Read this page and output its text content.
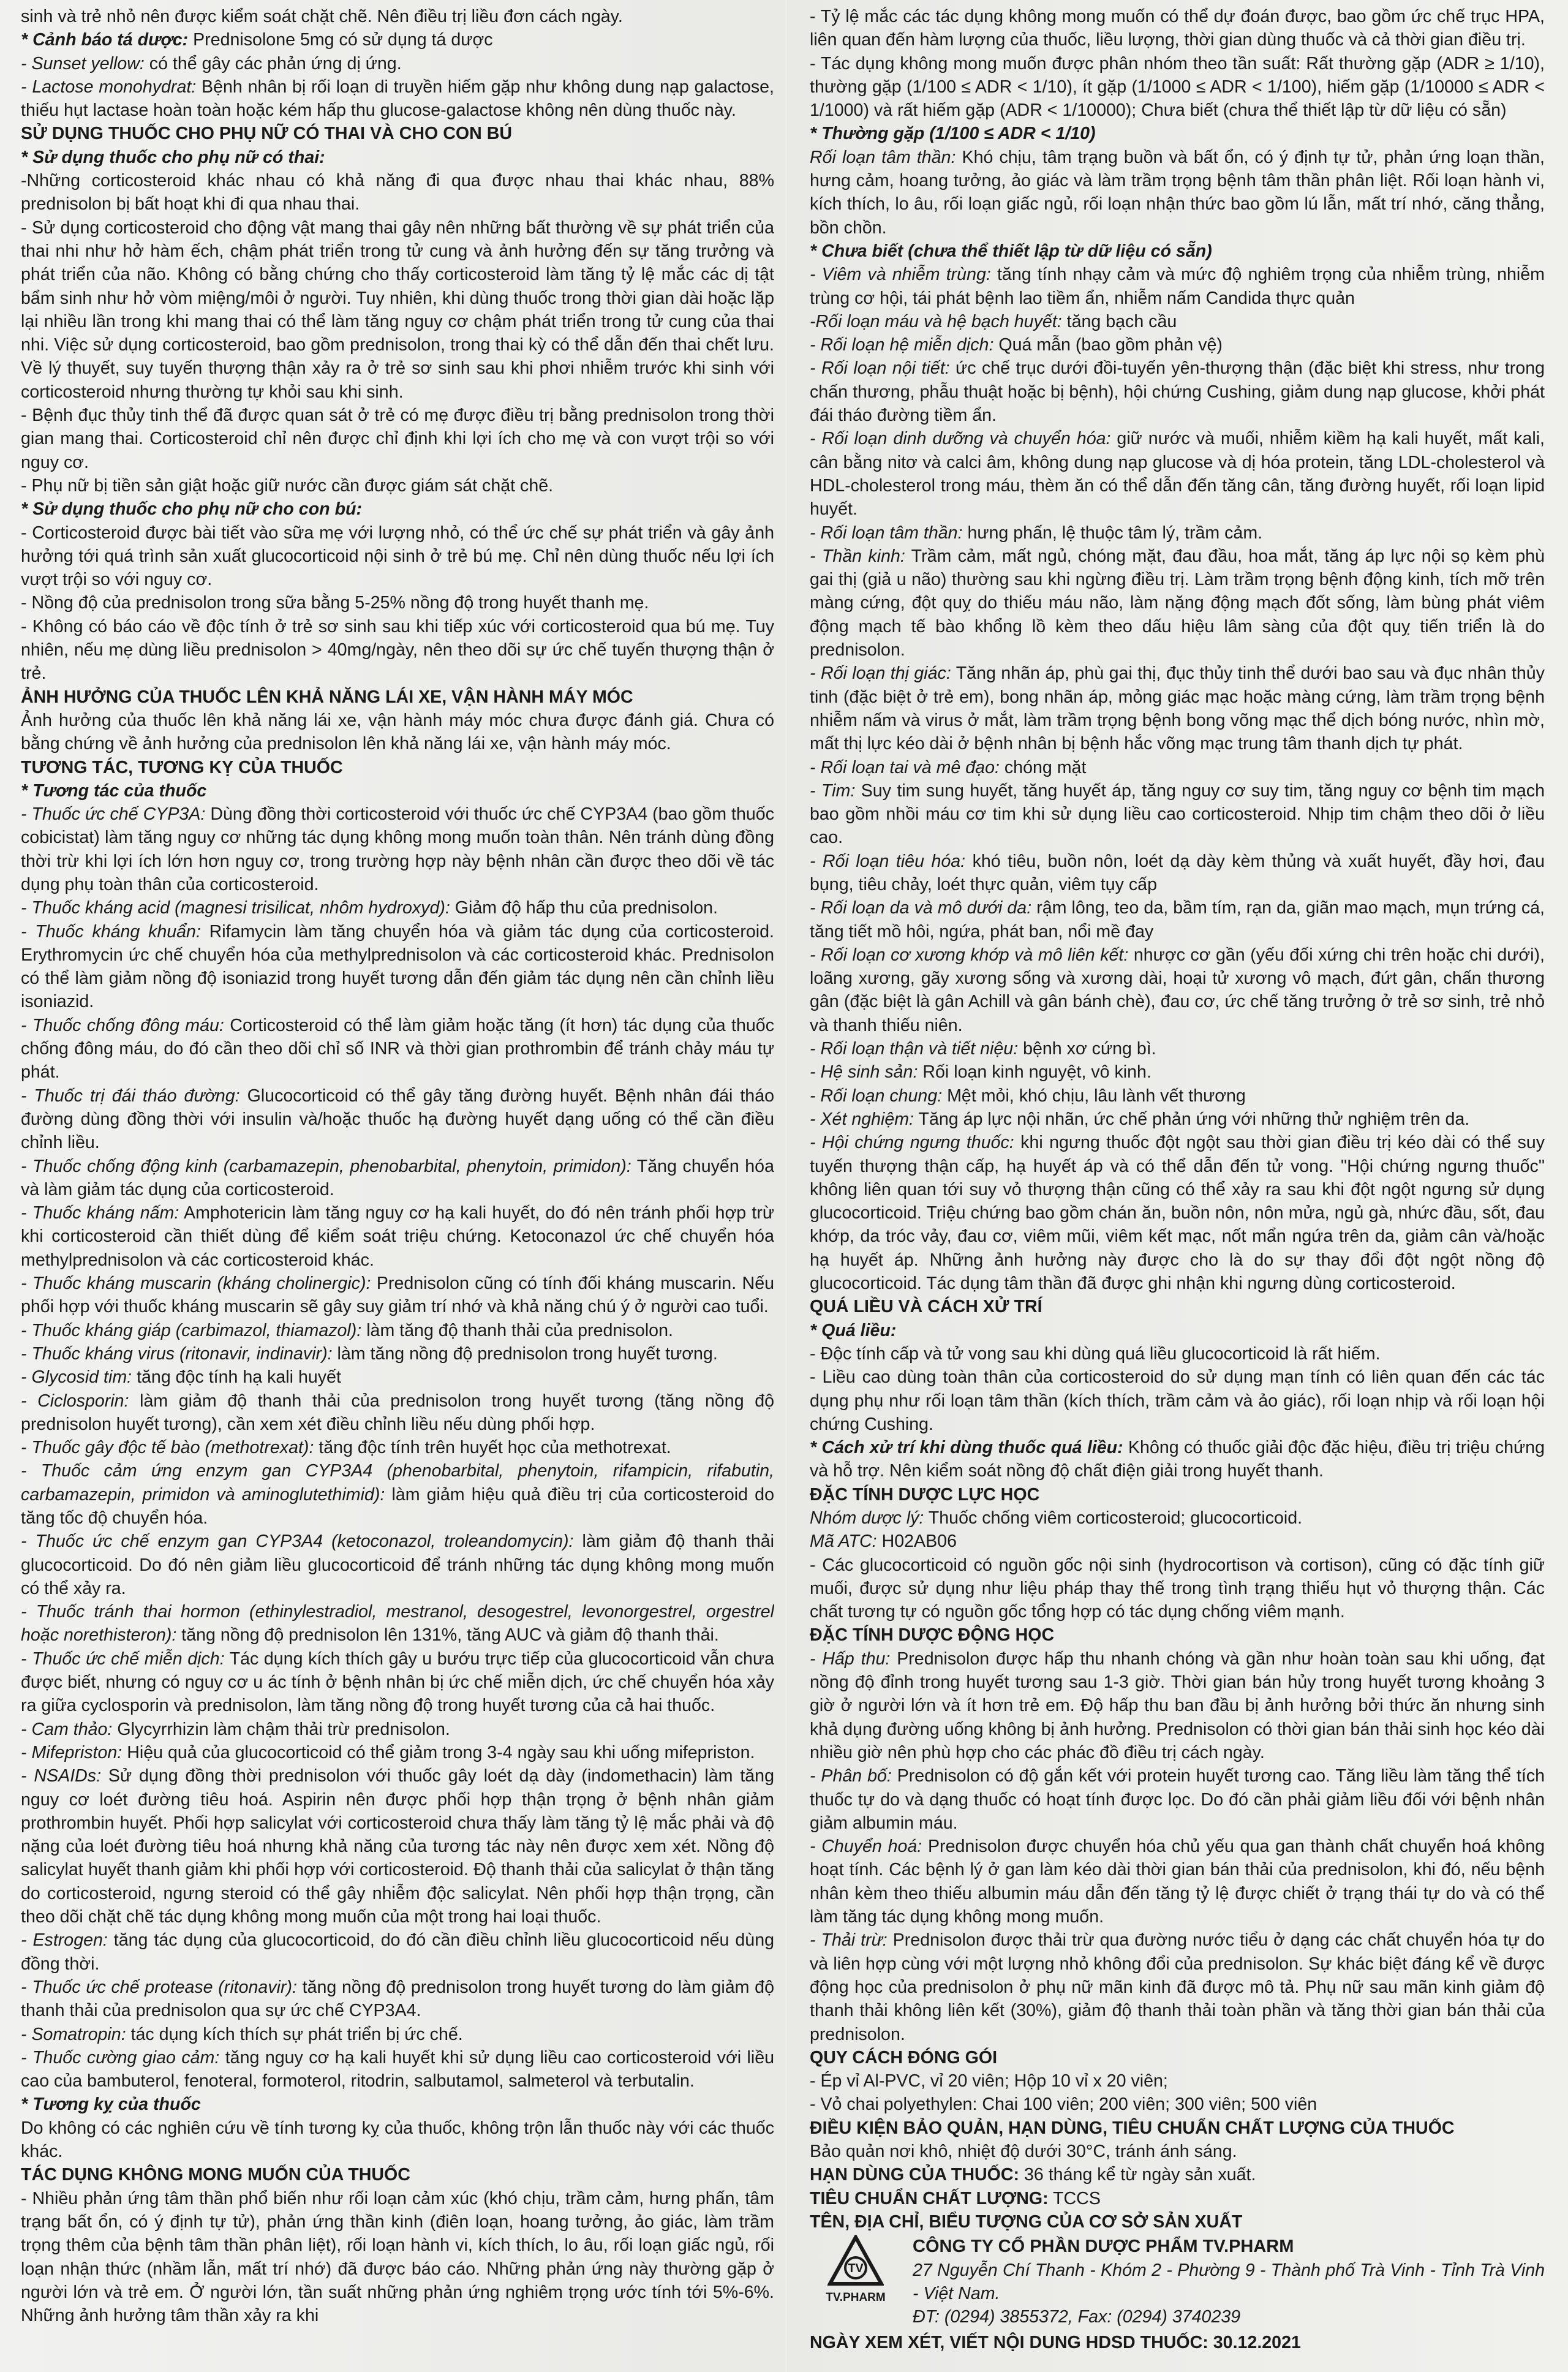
sinh và trẻ nhỏ nên được kiểm soát chặt chẽ. Nên điều trị liều đơn cách ngày.

* Cảnh báo tá dược: Prednisolone 5mg có sử dụng tá dược

- Sunset yellow: có thể gây các phản ứng dị ứng.

- Lactose monohydrat: Bệnh nhân bị rối loạn di truyền hiếm gặp như không dung nạp galactose, thiếu hụt lactase hoàn toàn hoặc kém hấp thu glucose-galactose không nên dùng thuốc này.

SỬ DỤNG THUỐC CHO PHỤ NỮ CÓ THAI VÀ CHO CON BÚ

* Sử dụng thuốc cho phụ nữ có thai:

-Những corticosteroid khác nhau có khả năng đi qua được nhau thai khác nhau, 88% prednisolon bị bất hoạt khi đi qua nhau thai.

- Sử dụng corticosteroid cho động vật mang thai gây nên những bất thường về sự phát triển của thai nhi như hở hàm ếch, chậm phát triển trong tử cung và ảnh hưởng đến sự tăng trưởng và phát triển của não. Không có bằng chứng cho thấy corticosteroid làm tăng tỷ lệ mắc các dị tật bẩm sinh như hở vòm miệng/môi ở người. Tuy nhiên, khi dùng thuốc trong thời gian dài hoặc lặp lại nhiều lần trong khi mang thai có thể làm tăng nguy cơ chậm phát triển trong tử cung của thai nhi. Việc sử dụng corticosteroid, bao gồm prednisolon, trong thai kỳ có thể dẫn đến thai chết lưu. Về lý thuyết, suy tuyến thượng thận xảy ra ở trẻ sơ sinh sau khi phơi nhiễm trước khi sinh với corticosteroid nhưng thường tự khỏi sau khi sinh.

- Bệnh đục thủy tinh thể đã được quan sát ở trẻ có mẹ được điều trị bằng prednisolon trong thời gian mang thai. Corticosteroid chỉ nên được chỉ định khi lợi ích cho mẹ và con vượt trội so với nguy cơ.

- Phụ nữ bị tiền sản giật hoặc giữ nước cần được giám sát chặt chẽ.

* Sử dụng thuốc cho phụ nữ cho con bú:

- Corticosteroid được bài tiết vào sữa mẹ với lượng nhỏ, có thể ức chế sự phát triển và gây ảnh hưởng tới quá trình sản xuất glucocorticoid nội sinh ở trẻ bú mẹ. Chỉ nên dùng thuốc nếu lợi ích vượt trội so với nguy cơ.

- Nồng độ của prednisolon trong sữa bằng 5-25% nồng độ trong huyết thanh mẹ.

- Không có báo cáo về độc tính ở trẻ sơ sinh sau khi tiếp xúc với corticosteroid qua bú mẹ. Tuy nhiên, nếu mẹ dùng liều prednisolon > 40mg/ngày, nên theo dõi sự ức chế tuyến thượng thận ở trẻ.

ẢNH HƯỞNG CỦA THUỐC LÊN KHẢ NĂNG LÁI XE, VẬN HÀNH MÁY MÓC

Ảnh hưởng của thuốc lên khả năng lái xe, vận hành máy móc chưa được đánh giá. Chưa có bằng chứng về ảnh hưởng của prednisolon lên khả năng lái xe, vận hành máy móc.

TƯƠNG TÁC, TƯƠNG KỴ CỦA THUỐC

* Tương tác của thuốc

- Thuốc ức chế CYP3A: Dùng đồng thời corticosteroid với thuốc ức chế CYP3A4 (bao gồm thuốc cobicistat) làm tăng nguy cơ những tác dụng không mong muốn toàn thân. Nên tránh dùng đồng thời trừ khi lợi ích lớn hơn nguy cơ, trong trường hợp này bệnh nhân cần được theo dõi về tác dụng phụ toàn thân của corticosteroid.

- Thuốc kháng acid (magnesi trisilicat, nhôm hydroxyd): Giảm độ hấp thu của prednisolon.

- Thuốc kháng khuẩn: Rifamycin làm tăng chuyển hóa và giảm tác dụng của corticosteroid. Erythromycin ức chế chuyển hóa của methylprednisolon và các corticosteroid khác. Prednisolon có thể làm giảm nồng độ isoniazid trong huyết tương dẫn đến giảm tác dụng nên cần chỉnh liều isoniazid.

- Thuốc chống đông máu: Corticosteroid có thể làm giảm hoặc tăng (ít hơn) tác dụng của thuốc chống đông máu, do đó cần theo dõi chỉ số INR và thời gian prothrombin để tránh chảy máu tự phát.

- Thuốc trị đái tháo đường: Glucocorticoid có thể gây tăng đường huyết. Bệnh nhân đái tháo đường dùng đồng thời với insulin và/hoặc thuốc hạ đường huyết dạng uống có thể cần điều chỉnh liều.

- Thuốc chống động kinh (carbamazepin, phenobarbital, phenytoin, primidon): Tăng chuyển hóa và làm giảm tác dụng của corticosteroid.

- Thuốc kháng nấm: Amphotericin làm tăng nguy cơ hạ kali huyết, do đó nên tránh phối hợp trừ khi corticosteroid cần thiết dùng để kiểm soát triệu chứng. Ketoconazol ức chế chuyển hóa methylprednisolon và các corticosteroid khác.

- Thuốc kháng muscarin (kháng cholinergic): Prednisolon cũng có tính đối kháng muscarin. Nếu phối hợp với thuốc kháng muscarin sẽ gây suy giảm trí nhớ và khả năng chú ý ở người cao tuổi.

- Thuốc kháng giáp (carbimazol, thiamazol): làm tăng độ thanh thải của prednisolon.

- Thuốc kháng virus (ritonavir, indinavir): làm tăng nồng độ prednisolon trong huyết tương.

- Glycosid tim: tăng độc tính hạ kali huyết

- Ciclosporin: làm giảm độ thanh thải của prednisolon trong huyết tương (tăng nồng độ prednisolon huyết tương), cần xem xét điều chỉnh liều nếu dùng phối hợp.

- Thuốc gây độc tế bào (methotrexat): tăng độc tính trên huyết học của methotrexat.

- Thuốc cảm ứng enzym gan CYP3A4 (phenobarbital, phenytoin, rifampicin, rifabutin, carbamazepin, primidon và aminoglutethimid): làm giảm hiệu quả điều trị của corticosteroid do tăng tốc độ chuyển hóa.

- Thuốc ức chế enzym gan CYP3A4 (ketoconazol, troleandomycin): làm giảm độ thanh thải glucocorticoid. Do đó nên giảm liều glucocorticoid để tránh những tác dụng không mong muốn có thể xảy ra.

- Thuốc tránh thai hormon (ethinylestradiol, mestranol, desogestrel, levonorgestrel, orgestrel hoặc norethisteron): tăng nồng độ prednisolon lên 131%, tăng AUC và giảm độ thanh thải.

- Thuốc ức chế miễn dịch: Tác dụng kích thích gây u bướu trực tiếp của glucocorticoid vẫn chưa được biết, nhưng có nguy cơ u ác tính ở bệnh nhân bị ức chế miễn dịch, ức chế chuyển hóa xảy ra giữa cyclosporin và prednisolon, làm tăng nồng độ trong huyết tương của cả hai thuốc.

- Cam thảo: Glycyrrhizin làm chậm thải trừ prednisolon.

- Mifepriston: Hiệu quả của glucocorticoid có thể giảm trong 3-4 ngày sau khi uống mifepriston.

- NSAIDs: Sử dụng đồng thời prednisolon với thuốc gây loét dạ dày (indomethacin) làm tăng nguy cơ loét đường tiêu hoá. Aspirin nên được phối hợp thận trọng ở bệnh nhân giảm prothrombin huyết. Phối hợp salicylat với corticosteroid chưa thấy làm tăng tỷ lệ mắc phải và độ nặng của loét đường tiêu hoá nhưng khả năng của tương tác này nên được xem xét. Nồng độ salicylat huyết thanh giảm khi phối hợp với corticosteroid. Độ thanh thải của salicylat ở thận tăng do corticosteroid, ngưng steroid có thể gây nhiễm độc salicylat. Nên phối hợp thận trọng, cần theo dõi chặt chẽ tác dụng không mong muốn của một trong hai loại thuốc.

- Estrogen: tăng tác dụng của glucocorticoid, do đó cần điều chỉnh liều glucocorticoid nếu dùng đồng thời.

- Thuốc ức chế protease (ritonavir): tăng nồng độ prednisolon trong huyết tương do làm giảm độ thanh thải của prednisolon qua sự ức chế CYP3A4.

- Somatropin: tác dụng kích thích sự phát triển bị ức chế.

- Thuốc cường giao cảm: tăng nguy cơ hạ kali huyết khi sử dụng liều cao corticosteroid với liều cao của bambuterol, fenoteral, formoterol, ritodrin, salbutamol, salmeterol và terbutalin.

* Tương kỵ của thuốc

Do không có các nghiên cứu về tính tương kỵ của thuốc, không trộn lẫn thuốc này với các thuốc khác.

TÁC DỤNG KHÔNG MONG MUỐN CỦA THUỐC

- Nhiều phản ứng tâm thần phổ biến như rối loạn cảm xúc (khó chịu, trầm cảm, hưng phấn, tâm trạng bất ổn, có ý định tự tử), phản ứng thần kinh (điên loạn, hoang tưởng, ảo giác, làm trầm trọng thêm của bệnh tâm thần phân liệt), rối loạn hành vi, kích thích, lo âu, rối loạn giấc ngủ, rối loạn nhận thức (nhầm lẫn, mất trí nhớ) đã được báo cáo. Những phản ứng này thường gặp ở người lớn và trẻ em. Ở người lớn, tần suất những phản ứng nghiêm trọng ước tính tới 5%-6%. Những ảnh hưởng tâm thần xảy ra khi

- Tỷ lệ mắc các tác dụng không mong muốn có thể dự đoán được, bao gồm ức chế trục HPA, liên quan đến hàm lượng của thuốc, liều lượng, thời gian dùng thuốc và cả thời gian điều trị.

- Tác dụng không mong muốn được phân nhóm theo tần suất: Rất thường gặp (ADR ≥ 1/10), thường gặp (1/100 ≤ ADR < 1/10), ít gặp (1/1000 ≤ ADR < 1/100), hiếm gặp (1/10000 ≤ ADR < 1/1000) và rất hiếm gặp (ADR < 1/10000); Chưa biết (chưa thể thiết lập từ dữ liệu có sẵn)

* Thường gặp (1/100 ≤ ADR < 1/10)

Rối loạn tâm thần: Khó chịu, tâm trạng buồn và bất ổn, có ý định tự tử, phản ứng loạn thần, hưng cảm, hoang tưởng, ảo giác và làm trầm trọng bệnh tâm thần phân liệt. Rối loạn hành vi, kích thích, lo âu, rối loạn giấc ngủ, rối loạn nhận thức bao gồm lú lẫn, mất trí nhớ, căng thẳng, bồn chồn.

* Chưa biết (chưa thể thiết lập từ dữ liệu có sẵn)

- Viêm và nhiễm trùng: tăng tính nhạy cảm và mức độ nghiêm trọng của nhiễm trùng, nhiễm trùng cơ hội, tái phát bệnh lao tiềm ẩn, nhiễm nấm Candida thực quản

-Rối loạn máu và hệ bạch huyết: tăng bạch cầu

- Rối loạn hệ miễn dịch: Quá mẫn (bao gồm phản vệ)

- Rối loạn nội tiết: ức chế trục dưới đồi-tuyến yên-thượng thận (đặc biệt khi stress, như trong chấn thương, phẫu thuật hoặc bị bệnh), hội chứng Cushing, giảm dung nạp glucose, khởi phát đái tháo đường tiềm ẩn.

- Rối loạn dinh dưỡng và chuyển hóa: giữ nước và muối, nhiễm kiềm hạ kali huyết, mất kali, cân bằng nitơ và calci âm, không dung nạp glucose và dị hóa protein, tăng LDL-cholesterol và HDL-cholesterol trong máu, thèm ăn có thể dẫn đến tăng cân, tăng đường huyết, rối loạn lipid huyết.

- Rối loạn tâm thần: hưng phấn, lệ thuộc tâm lý, trầm cảm.

- Thần kinh: Trầm cảm, mất ngủ, chóng mặt, đau đầu, hoa mắt, tăng áp lực nội sọ kèm phù gai thị (giả u não) thường sau khi ngừng điều trị. Làm trầm trọng bệnh động kinh, tích mỡ trên màng cứng, đột quỵ do thiếu máu não, làm nặng động mạch đốt sống, làm bùng phát viêm động mạch tế bào khổng lồ kèm theo dấu hiệu lâm sàng của đột quỵ tiến triển là do prednisolon.

- Rối loạn thị giác: Tăng nhãn áp, phù gai thị, đục thủy tinh thể dưới bao sau và đục nhân thủy tinh (đặc biệt ở trẻ em), bong nhãn áp, mỏng giác mạc hoặc màng cứng, làm trầm trọng bệnh nhiễm nấm và virus ở mắt, làm trầm trọng bệnh bong võng mạc thể dịch bóng nước, nhìn mờ, mất thị lực kéo dài ở bệnh nhân bị bệnh hắc võng mạc trung tâm thanh dịch tự phát.

- Rối loạn tai và mê đạo: chóng mặt

- Tim: Suy tim sung huyết, tăng huyết áp, tăng nguy cơ suy tim, tăng nguy cơ bệnh tim mạch bao gồm nhồi máu cơ tim khi sử dụng liều cao corticosteroid. Nhịp tim chậm theo dõi ở liều cao.

- Rối loạn tiêu hóa: khó tiêu, buồn nôn, loét dạ dày kèm thủng và xuất huyết, đầy hơi, đau bụng, tiêu chảy, loét thực quản, viêm tụy cấp

- Rối loạn da và mô dưới da: rậm lông, teo da, bầm tím, rạn da, giãn mao mạch, mụn trứng cá, tăng tiết mồ hôi, ngứa, phát ban, nổi mề đay

- Rối loạn cơ xương khớp và mô liên kết: nhược cơ gần (yếu đối xứng chi trên hoặc chi dưới), loãng xương, gãy xương sống và xương dài, hoại tử xương vô mạch, đứt gân, chấn thương gân (đặc biệt là gân Achill và gân bánh chè), đau cơ, ức chế tăng trưởng ở trẻ sơ sinh, trẻ nhỏ và thanh thiếu niên.

- Rối loạn thận và tiết niệu: bệnh xơ cứng bì.

- Hệ sinh sản: Rối loạn kinh nguyệt, vô kinh.

- Rối loạn chung: Mệt mỏi, khó chịu, lâu lành vết thương

- Xét nghiệm: Tăng áp lực nội nhãn, ức chế phản ứng với những thử nghiệm trên da.

- Hội chứng ngưng thuốc: khi ngưng thuốc đột ngột sau thời gian điều trị kéo dài có thể suy tuyến thượng thận cấp, hạ huyết áp và có thể dẫn đến tử vong. "Hội chứng ngưng thuốc" không liên quan tới suy vỏ thượng thận cũng có thể xảy ra sau khi đột ngột ngưng sử dụng glucocorticoid. Triệu chứng bao gồm chán ăn, buồn nôn, nôn mửa, ngủ gà, nhức đầu, sốt, đau khớp, da tróc vảy, đau cơ, viêm mũi, viêm kết mạc, nốt mẩn ngứa trên da, giảm cân và/hoặc hạ huyết áp. Những ảnh hưởng này được cho là do sự thay đổi đột ngột nồng độ glucocorticoid. Tác dụng tâm thần đã được ghi nhận khi ngưng dùng corticosteroid.

QUÁ LIỀU VÀ CÁCH XỬ TRÍ

* Quá liều:

- Độc tính cấp và tử vong sau khi dùng quá liều glucocorticoid là rất hiếm.

- Liều cao dùng toàn thân của corticosteroid do sử dụng mạn tính có liên quan đến các tác dụng phụ như rối loạn tâm thần (kích thích, trầm cảm và ảo giác), rối loạn nhịp và rối loạn hội chứng Cushing.

* Cách xử trí khi dùng thuốc quá liều: Không có thuốc giải độc đặc hiệu, điều trị triệu chứng và hỗ trợ. Nên kiểm soát nồng độ chất điện giải trong huyết thanh.

ĐẶC TÍNH DƯỢC LỰC HỌC

Nhóm dược lý: Thuốc chống viêm corticosteroid; glucocorticoid.

Mã ATC: H02AB06

- Các glucocorticoid có nguồn gốc nội sinh (hydrocortison và cortison), cũng có đặc tính giữ muối, được sử dụng như liệu pháp thay thế trong tình trạng thiếu hụt vỏ thượng thận. Các chất tương tự có nguồn gốc tổng hợp có tác dụng chống viêm mạnh.

ĐẶC TÍNH DƯỢC ĐỘNG HỌC

- Hấp thu: Prednisolon được hấp thu nhanh chóng và gần như hoàn toàn sau khi uống, đạt nồng độ đỉnh trong huyết tương sau 1-3 giờ. Thời gian bán hủy trong huyết tương khoảng 3 giờ ở người lớn và ít hơn trẻ em. Độ hấp thu ban đầu bị ảnh hưởng bởi thức ăn nhưng sinh khả dụng đường uống không bị ảnh hưởng. Prednisolon có thời gian bán thải sinh học kéo dài nhiều giờ nên phù hợp cho các phác đồ điều trị cách ngày.

- Phân bố: Prednisolon có độ gắn kết với protein huyết tương cao. Tăng liều làm tăng thể tích thuốc tự do và dạng thuốc có hoạt tính được lọc. Do đó cần phải giảm liều đối với bệnh nhân giảm albumin máu.

- Chuyển hoá: Prednisolon được chuyển hóa chủ yếu qua gan thành chất chuyển hoá không hoạt tính. Các bệnh lý ở gan làm kéo dài thời gian bán thải của prednisolon, khi đó, nếu bệnh nhân kèm theo thiếu albumin máu dẫn đến tăng tỷ lệ được chiết ở trạng thái tự do và có thể làm tăng tác dụng không mong muốn.

- Thải trừ: Prednisolon được thải trừ qua đường nước tiểu ở dạng các chất chuyển hóa tự do và liên hợp cùng với một lượng nhỏ không đổi của prednisolon. Sự khác biệt đáng kể về được động học của prednisolon ở phụ nữ mãn kinh đã được mô tả. Phụ nữ sau mãn kinh giảm độ thanh thải không liên kết (30%), giảm độ thanh thải toàn phần và tăng thời gian bán thải của prednisolon.

QUY CÁCH ĐÓNG GÓI

- Ép vỉ Al-PVC, vỉ 20 viên; Hộp 10 vỉ x 20 viên;

- Vỏ chai polyethylen: Chai 100 viên; 200 viên; 300 viên; 500 viên

ĐIỀU KIỆN BẢO QUẢN, HẠN DÙNG, TIÊU CHUẨN CHẤT LƯỢNG CỦA THUỐC

Bảo quản nơi khô, nhiệt độ dưới 30°C, tránh ánh sáng.

HẠN DÙNG CỦA THUỐC: 36 tháng kể từ ngày sản xuất.

TIÊU CHUẨN CHẤT LƯỢNG: TCCS

TÊN, ĐỊA CHỈ, BIỂU TƯỢNG CỦA CƠ SỞ SẢN XUẤT

TV
TV.PHARM
CÔNG TY CỔ PHẦN DƯỢC PHẨM TV.PHARM
27 Nguyễn Chí Thanh - Khóm 2 - Phường 9 - Thành phố Trà Vinh - Tỉnh Trà Vinh - Việt Nam.
ĐT: (0294) 3855372, Fax: (0294) 3740239
NGÀY XEM XÉT, VIẾT NỘI DUNG HDSD THUỐC: 30.12.2021
